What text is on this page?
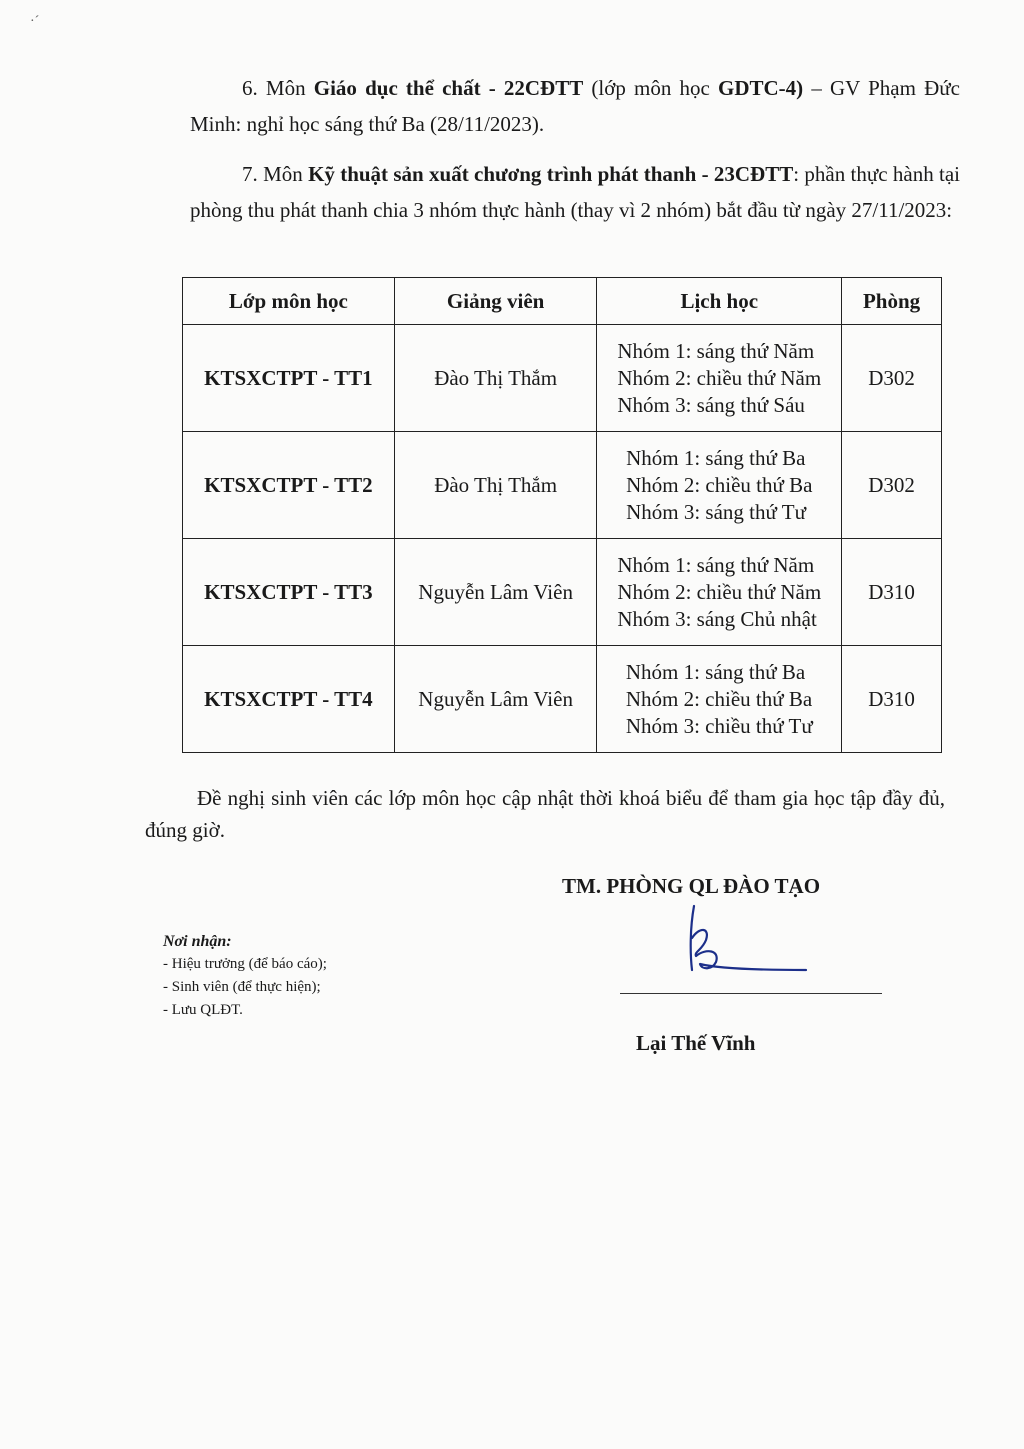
·ˊ
6. Môn Giáo dục thể chất - 22CĐTT (lớp môn học GDTC-4) – GV Phạm Đức Minh: nghỉ học sáng thứ Ba (28/11/2023).
7. Môn Kỹ thuật sản xuất chương trình phát thanh - 23CĐTT: phần thực hành tại phòng thu phát thanh chia 3 nhóm thực hành (thay vì 2 nhóm) bắt đầu từ ngày 27/11/2023:
Lớp môn học	Giảng viên	Lịch học	Phòng
KTSXCTPT - TT1	Đào Thị Thắm	Nhóm 1: sáng thứ Năm
Nhóm 2: chiều thứ Năm
Nhóm 3: sáng thứ Sáu	D302
KTSXCTPT - TT2	Đào Thị Thắm	Nhóm 1: sáng thứ Ba
Nhóm 2: chiều thứ Ba
Nhóm 3: sáng thứ Tư	D302
KTSXCTPT - TT3	Nguyễn Lâm Viên	Nhóm 1: sáng thứ Năm
Nhóm 2: chiều thứ Năm
Nhóm 3: sáng Chủ nhật	D310
KTSXCTPT - TT4	Nguyễn Lâm Viên	Nhóm 1: sáng thứ Ba
Nhóm 2: chiều thứ Ba
Nhóm 3: chiều thứ Tư	D310
Đề nghị sinh viên các lớp môn học cập nhật thời khoá biểu để tham gia học tập đầy đủ, đúng giờ.
TM. PHÒNG QL ĐÀO TẠO
Lại Thế Vĩnh
Nơi nhận:
- Hiệu trưởng (để báo cáo);
- Sinh viên (để thực hiện);
- Lưu QLĐT.
